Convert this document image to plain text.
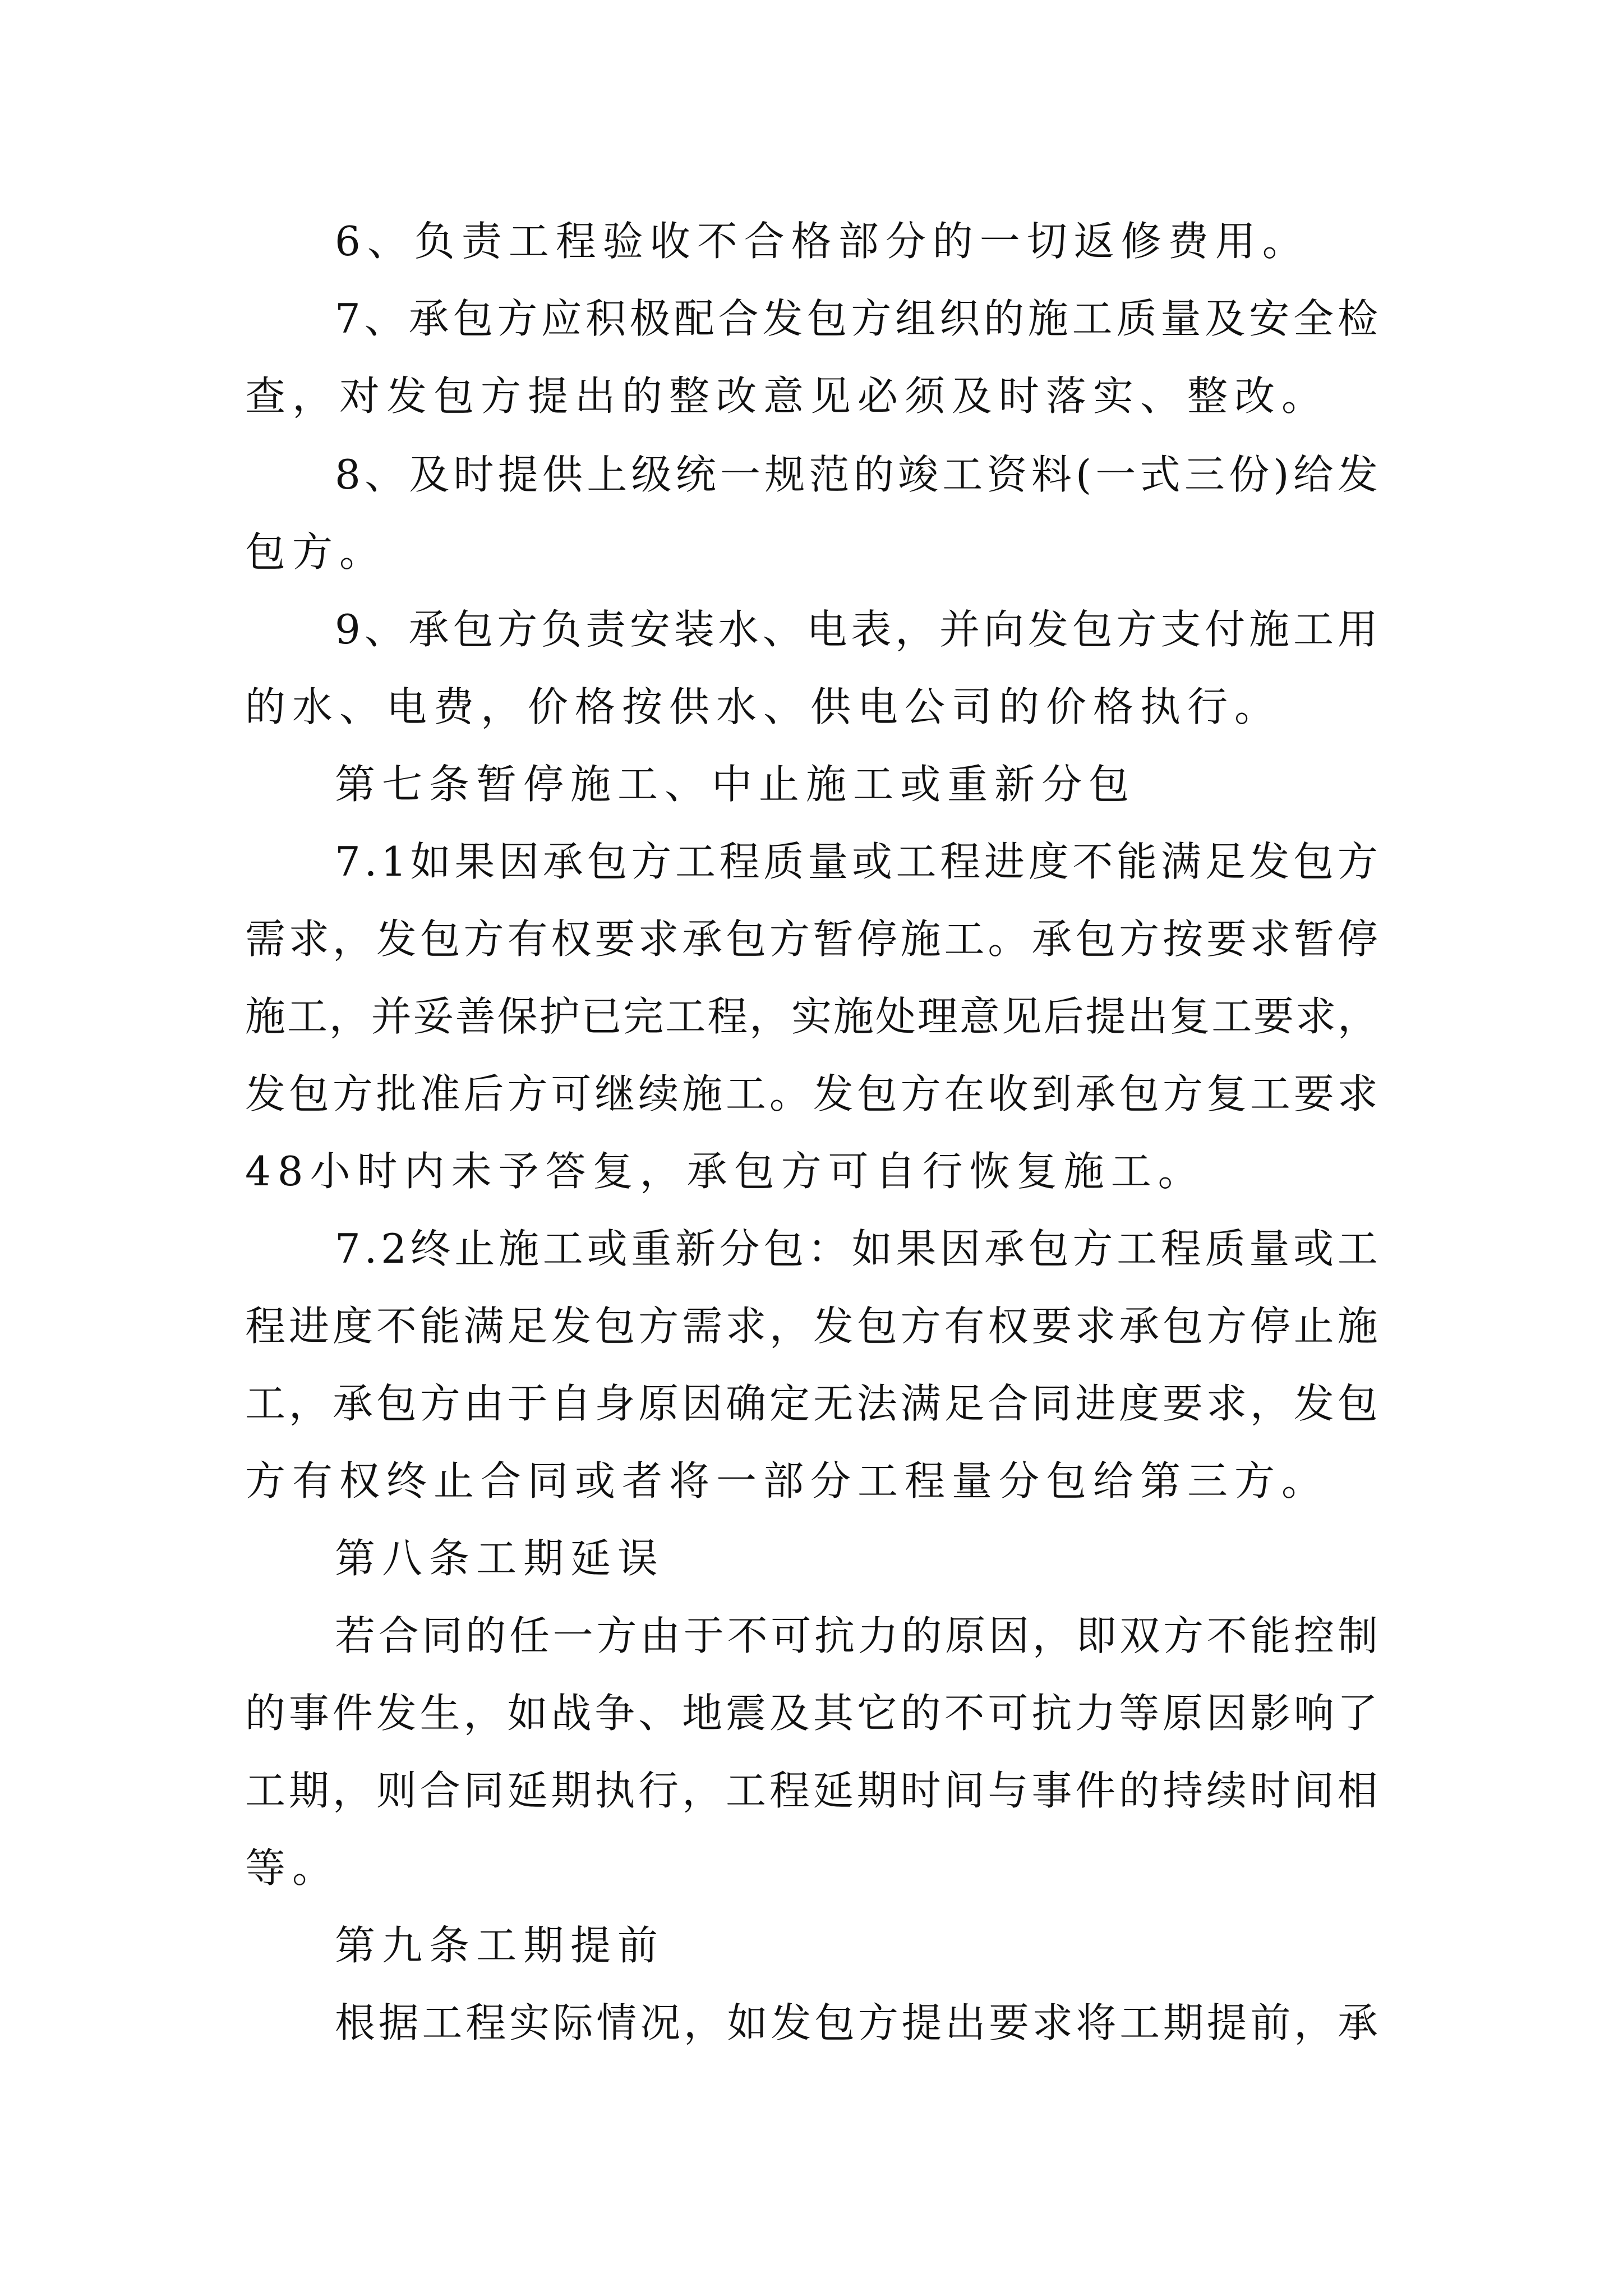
6、负责工程验收不合格部分的一切返修费用。
7 、 承 包 方 应 积 极 配 合 发 包 方 组 织 的 施 工 质 量 及 安 全 检
查，对发包方提出的整改意见必须及时落实、整改。
8 、 及 时 提 供 上 级 统 一 规 范 的 竣 工 资 料 ( 一 式 三 份 ) 给 发
包方。
9 、 承 包 方 负 责 安 装 水 、 电 表 ， 并 向 发 包 方 支 付 施 工 用
的水、电费，价格按供水、供电公司的价格执行。
第七条暂停施工、中止施工或重新分包
7 . 1 如 果 因 承 包 方 工 程 质 量 或 工 程 进 度 不 能 满 足 发 包 方
需 求 ， 发 包 方 有 权 要 求 承 包 方 暂 停 施 工 。 承 包 方 按 要 求 暂 停
施 工 ， 并 妥 善 保 护 已 完 工 程 ， 实 施 处 理 意 见 后 提 出 复 工 要 求 ，
发 包 方 批 准 后 方 可 继 续 施 工 。 发 包 方 在 收 到 承 包 方 复 工 要 求
48小时内未予答复，承包方可自行恢复施工。
7 . 2 终 止 施 工 或 重 新 分 包 ： 如 果 因 承 包 方 工 程 质 量 或 工
程 进 度 不 能 满 足 发 包 方 需 求 ， 发 包 方 有 权 要 求 承 包 方 停 止 施
工 ， 承 包 方 由 于 自 身 原 因 确 定 无 法 满 足 合 同 进 度 要 求 ， 发 包
方有权终止合同或者将一部分工程量分包给第三方。
第八条工期延误
若 合 同 的 任 一 方 由 于 不 可 抗 力 的 原 因 ， 即 双 方 不 能 控 制
的 事 件 发 生 ， 如 战 争 、 地 震 及 其 它 的 不 可 抗 力 等 原 因 影 响 了
工 期 ， 则 合 同 延 期 执 行 ， 工 程 延 期 时 间 与 事 件 的 持 续 时 间 相
等。
第九条工期提前
根 据 工 程 实 际 情 况 ， 如 发 包 方 提 出 要 求 将 工 期 提 前 ， 承
